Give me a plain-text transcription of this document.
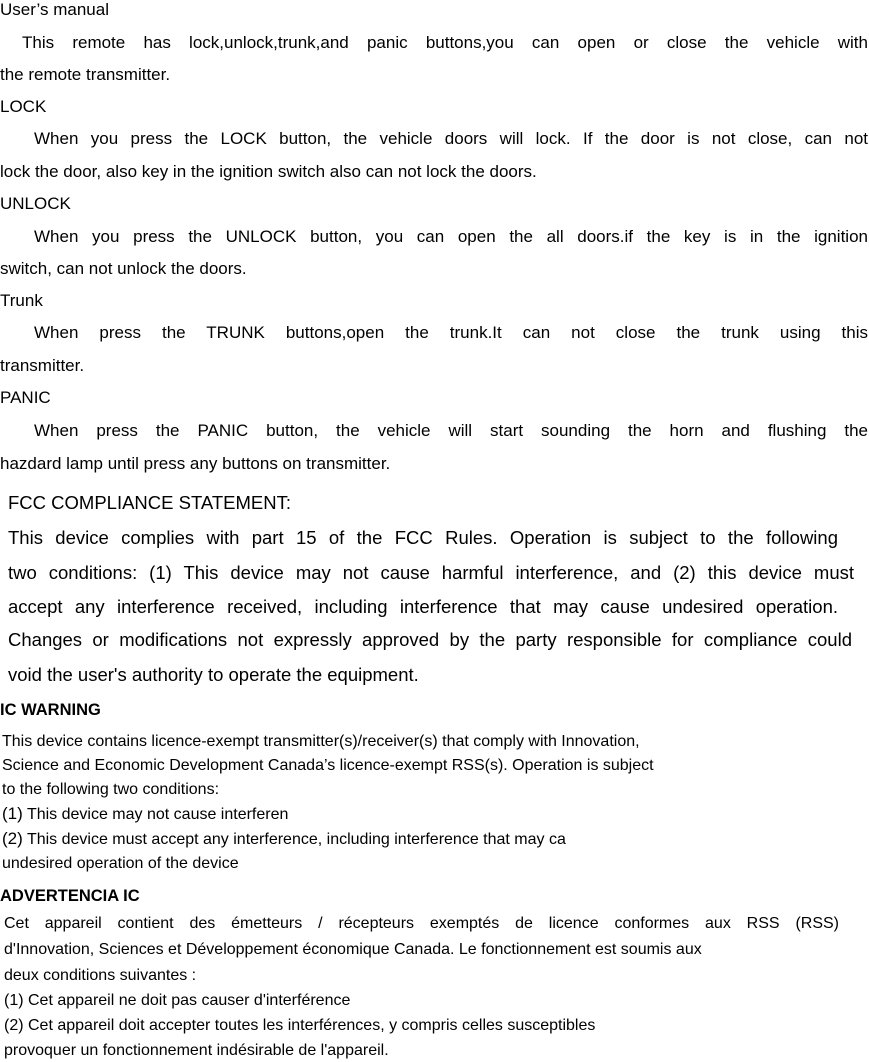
User’s manual

This remote has lock,unlock,trunk,and panic buttons,you can open or close the vehicle with

the remote transmitter.

LOCK

When you press the LOCK button, the vehicle doors will lock. If the door is not close, can not

lock the door, also key in the ignition switch also can not lock the doors.

UNLOCK

When you press the UNLOCK button, you can open the all doors.if the key is in the ignition

switch, can not unlock the doors.

Trunk

When press the TRUNK buttons,open the trunk.It can not close the trunk using this

transmitter.

PANIC

When press the PANIC button, the vehicle will start sounding the horn and flushing the

hazdard lamp until press any buttons on transmitter.

FCC COMPLIANCE STATEMENT:

This device complies with part 15 of the FCC Rules. Operation is subject to the following

two conditions: (1) This device may not cause harmful interference, and (2) this device must

accept any interference received, including interference that may cause undesired operation.

Changes or modifications not expressly approved by the party responsible for compliance could

void the user's authority to operate the equipment.

IC WARNING

This device contains licence-exempt transmitter(s)/receiver(s) that comply with Innovation,

Science and Economic Development Canada’s licence-exempt RSS(s). Operation is subject

to the following two conditions:

(1) This device may not cause interferen

(2) This device must accept any interference, including interference that may ca

undesired operation of the device

ADVERTENCIA IC

Cet appareil contient des émetteurs / récepteurs exemptés de licence conformes aux RSS (RSS)

d'Innovation, Sciences et Développement économique Canada. Le fonctionnement est soumis aux

deux conditions suivantes :

(1) Cet appareil ne doit pas causer d'interférence

(2) Cet appareil doit accepter toutes les interférences, y compris celles susceptibles

provoquer un fonctionnement indésirable de l'appareil.
